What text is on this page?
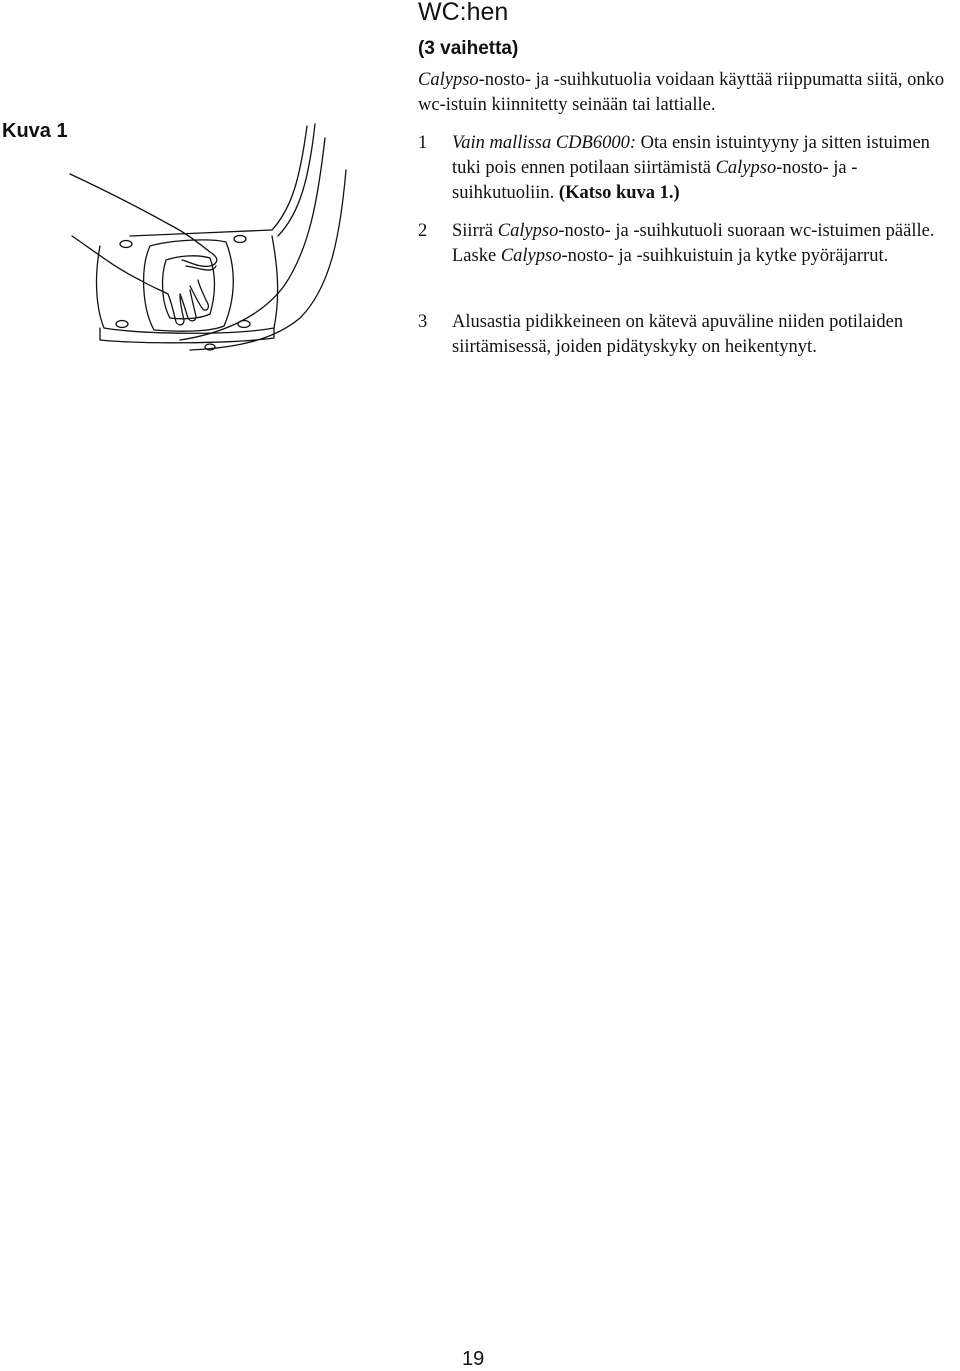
WC:hen
(3 vaihetta)

Calypso-nosto- ja -suihkutuolia voidaan käyttää riippumatta siitä, onko wc-istuin kiinnitetty seinään tai lattialle.

Kuva 1
1 Vain mallissa CDB6000: Ota ensin istuintyyny ja sitten istuimen tuki pois ennen potilaan siirtämistä Calypso-nosto- ja -suihkutuoliin. (Katso kuva 1.)
2 Siirrä Calypso-nosto- ja -suihkutuoli suoraan wc-istuimen päälle. Laske Calypso-nosto- ja -suihkuistuin ja kytke pyöräjarrut.
3 Alusastia pidikkeineen on kätevä apuväline niiden potilaiden siirtämisessä, joiden pidätyskyky on heikentynyt.
19
